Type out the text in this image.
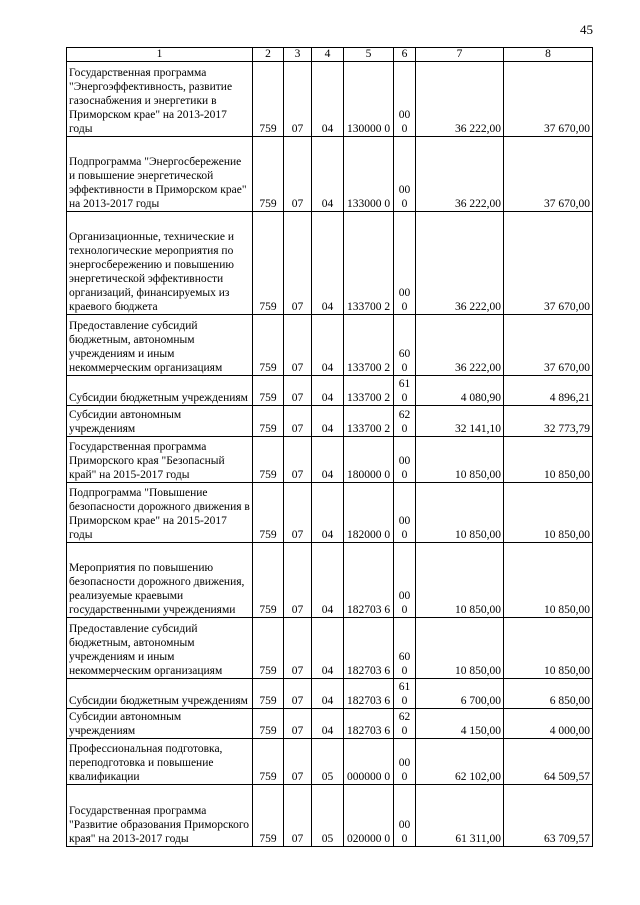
45
1	2	3	4	5	6	7	8
Государственная программа "Энергоэффективность, развитие газоснабжения и энергетики в Приморском крае" на 2013-2017 годы	759	07	04	130000 0	00 0	36 222,00	37 670,00
Подпрограмма "Энергосбережение и повышение энергетической эффективности в Приморском крае" на 2013-2017 годы	759	07	04	133000 0	00 0	36 222,00	37 670,00
Организационные, технические и технологические мероприятия по энергосбережению и повышению энергетической эффективности организаций, финансируемых из краевого бюджета	759	07	04	133700 2	00 0	36 222,00	37 670,00
Предоставление субсидий бюджетным, автономным учреждениям и иным некоммерческим организациям	759	07	04	133700 2	60 0	36 222,00	37 670,00
Субсидии бюджетным учреждениям	759	07	04	133700 2	61 0	4 080,90	4 896,21
Субсидии автономным учреждениям	759	07	04	133700 2	62 0	32 141,10	32 773,79
Государственная программа Приморского края "Безопасный край" на 2015-2017 годы	759	07	04	180000 0	00 0	10 850,00	10 850,00
Подпрограмма "Повышение безопасности дорожного движения в Приморском крае" на 2015-2017 годы	759	07	04	182000 0	00 0	10 850,00	10 850,00
Мероприятия по повышению безопасности дорожного движения, реализуемые краевыми государственными учреждениями	759	07	04	182703 6	00 0	10 850,00	10 850,00
Предоставление субсидий бюджетным, автономным учреждениям и иным некоммерческим организациям	759	07	04	182703 6	60 0	10 850,00	10 850,00
Субсидии бюджетным учреждениям	759	07	04	182703 6	61 0	6 700,00	6 850,00
Субсидии автономным учреждениям	759	07	04	182703 6	62 0	4 150,00	4 000,00
Профессиональная подготовка, переподготовка и повышение квалификации	759	07	05	000000 0	00 0	62 102,00	64 509,57
Государственная программа "Развитие образования Приморского края" на 2013-2017 годы	759	07	05	020000 0	00 0	61 311,00	63 709,57
